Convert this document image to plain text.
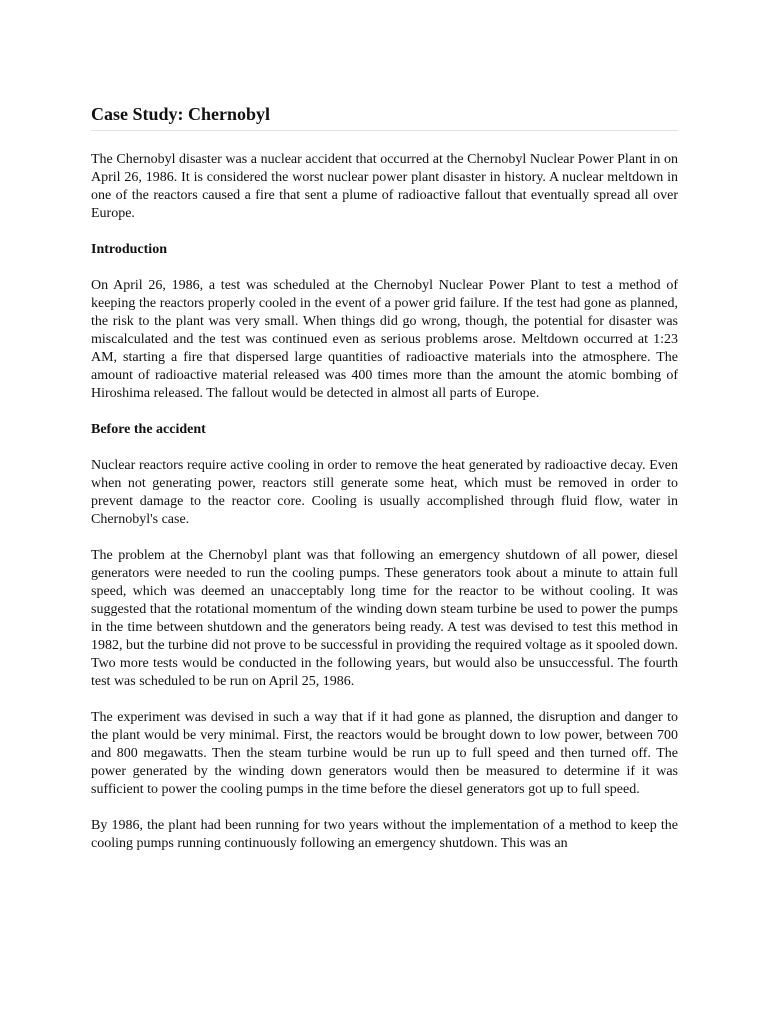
Case Study: Chernobyl

The Chernobyl disaster was a nuclear accident that occurred at the Chernobyl Nuclear Power Plant in on April 26, 1986. It is considered the worst nuclear power plant disaster in history. A nuclear meltdown in one of the reactors caused a fire that sent a plume of radioactive fallout that eventually spread all over Europe.

Introduction

On April 26, 1986, a test was scheduled at the Chernobyl Nuclear Power Plant to test a method of keeping the reactors properly cooled in the event of a power grid failure. If the test had gone as planned, the risk to the plant was very small. When things did go wrong, though, the potential for disaster was miscalculated and the test was continued even as serious problems arose. Meltdown occurred at 1:23 AM, starting a fire that dispersed large quantities of radioactive materials into the atmosphere. The amount of radioactive material released was 400 times more than the amount the atomic bombing of Hiroshima released. The fallout would be detected in almost all parts of Europe.

Before the accident

Nuclear reactors require active cooling in order to remove the heat generated by radioactive decay. Even when not generating power, reactors still generate some heat, which must be removed in order to prevent damage to the reactor core. Cooling is usually accomplished through fluid flow, water in Chernobyl's case.

The problem at the Chernobyl plant was that following an emergency shutdown of all power, diesel generators were needed to run the cooling pumps. These generators took about a minute to attain full speed, which was deemed an unacceptably long time for the reactor to be without cooling. It was suggested that the rotational momentum of the winding down steam turbine be used to power the pumps in the time between shutdown and the generators being ready. A test was devised to test this method in 1982, but the turbine did not prove to be successful in providing the required voltage as it spooled down. Two more tests would be conducted in the following years, but would also be unsuccessful. The fourth test was scheduled to be run on April 25, 1986.

The experiment was devised in such a way that if it had gone as planned, the disruption and danger to the plant would be very minimal. First, the reactors would be brought down to low power, between 700 and 800 megawatts. Then the steam turbine would be run up to full speed and then turned off. The power generated by the winding down generators would then be measured to determine if it was sufficient to power the cooling pumps in the time before the diesel generators got up to full speed.

By 1986, the plant had been running for two years without the implementation of a method to keep the cooling pumps running continuously following an emergency shutdown. This was an
